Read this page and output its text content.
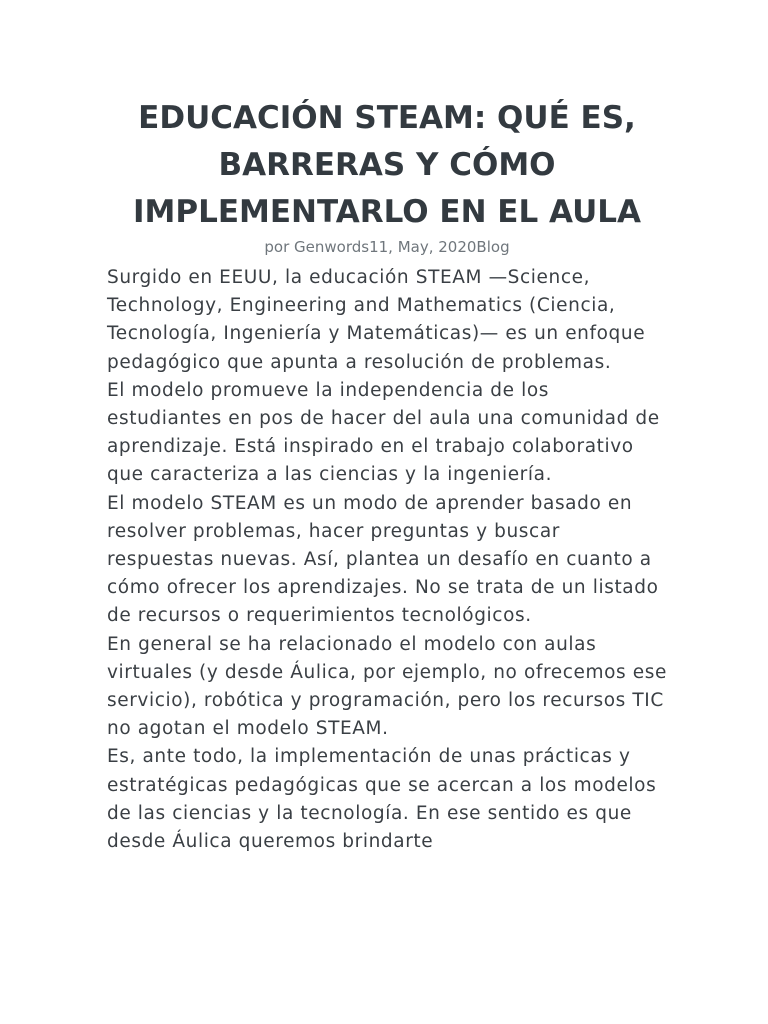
EDUCACIÓN STEAM: QUÉ ES,
BARRERAS Y CÓMO
IMPLEMENTARLO EN EL AULA
por Genwords11, May, 2020Blog

Surgido en EEUU, la educación STEAM —Science, Technology, Engineering and Mathematics (Ciencia, Tecnología, Ingeniería y Matemáticas)— es un enfoque pedagógico que apunta a resolución de problemas.

El modelo promueve la independencia de los estudiantes en pos de hacer del aula una comunidad de aprendizaje. Está inspirado en el trabajo colaborativo que caracteriza a las ciencias y la ingeniería.

El modelo STEAM es un modo de aprender basado en resolver problemas, hacer preguntas y buscar respuestas nuevas. Así, plantea un desafío en cuanto a cómo ofrecer los aprendizajes. No se trata de un listado de recursos o requerimientos tecnológicos.

En general se ha relacionado el modelo con aulas virtuales (y desde Áulica, por ejemplo, no ofrecemos ese servicio), robótica y programación, pero los recursos TIC no agotan el modelo STEAM.

Es, ante todo, la implementación de unas prácticas y estratégicas pedagógicas que se acercan a los modelos de las ciencias y la tecnología. En ese sentido es que desde Áulica queremos brindarte
